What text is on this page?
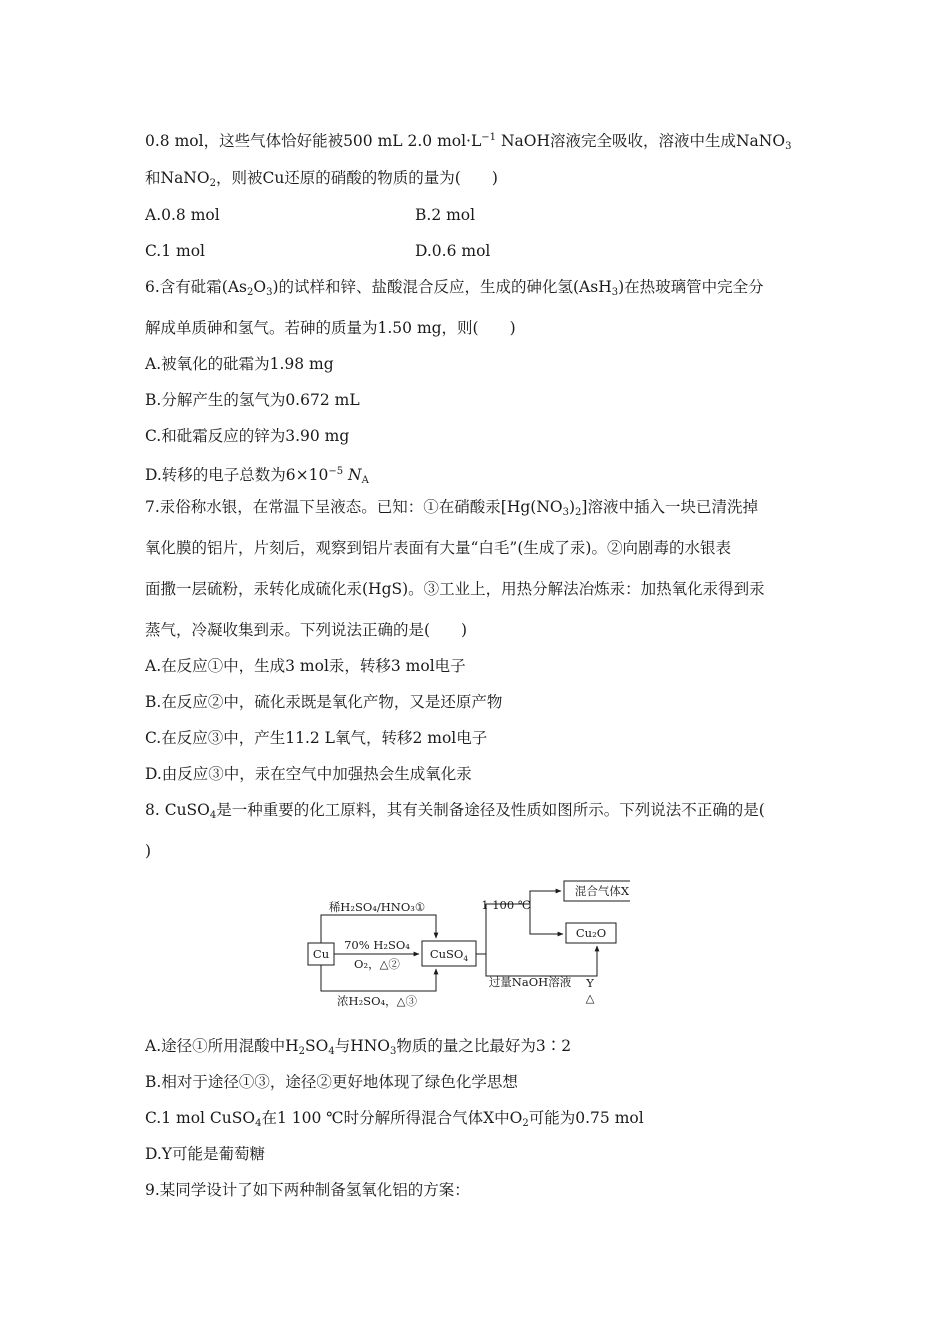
0.8 mol，这些气体恰好能被500 mL 2.0 $mol\cdot L^{-1}$ NaOH溶液完全吸收，溶液中生成NaNO$_3$
和NaNO$_2$，则被Cu还原的硝酸的物质的量为(　　)
A.0.8 mol	B.2 mol
C.1 mol	D.0.6 mol
6.含有砒霜$(As_2O_3)$的试样和锌、盐酸混合反应，生成的砷化氢(AsH$_3$)在热玻璃管中完全分
解成单质砷和氢气。若砷的质量为1.50 mg，则(　　)
A.被氧化的砒霜为1.98 mg
B.分解产生的氢气为0.672 mL
C.和砒霜反应的锌为3.90 mg
D.转移的电子总数为$6\times 10^{-5}$ $N_A$
7.汞俗称水银，在常温下呈液态。已知：①在硝酸汞$[Hg(NO_3)_2]$溶液中插入一块已清洗掉
氧化膜的铝片，片刻后，观察到铝片表面有大量“白毛”(生成了汞)。②向剧毒的水银表
面撒一层硫粉，汞转化成硫化汞(HgS)。③工业上，用热分解法冶炼汞：加热氧化汞得到汞
蒸气，冷凝收集到汞。下列说法正确的是(　　)
A.在反应①中，生成3 mol汞，转移3 mol电子
B.在反应②中，硫化汞既是氧化产物，又是还原产物
C.在反应③中，产生11.2 L氧气，转移2 mol电子
D.由反应③中，汞在空气中加强热会生成氧化汞
8. CuSO$_4$是一种重要的化工原料，其有关制备途径及性质如图所示。下列说法不正确的是(
)
Cu	CuSO$_4$
稀H₂SO₄/HNO₃①
70% H₂SO₄
O₂，△②
浓H₂SO₄，△③
1 100 ℃
混合气体X
Cu₂O
过量NaOH溶液 Y
△
A.途径①所用混酸中$H_2SO_4$与$HNO_3$物质的量之比最好为3∶2
B.相对于途径①③，途径②更好地体现了绿色化学思想
C.1 mol CuSO$_4$在1 100 ℃时分解所得混合气体X中$O_2$可能为0.75 mol
D.Y可能是葡萄糖
9.某同学设计了如下两种制备氢氧化铝的方案：
